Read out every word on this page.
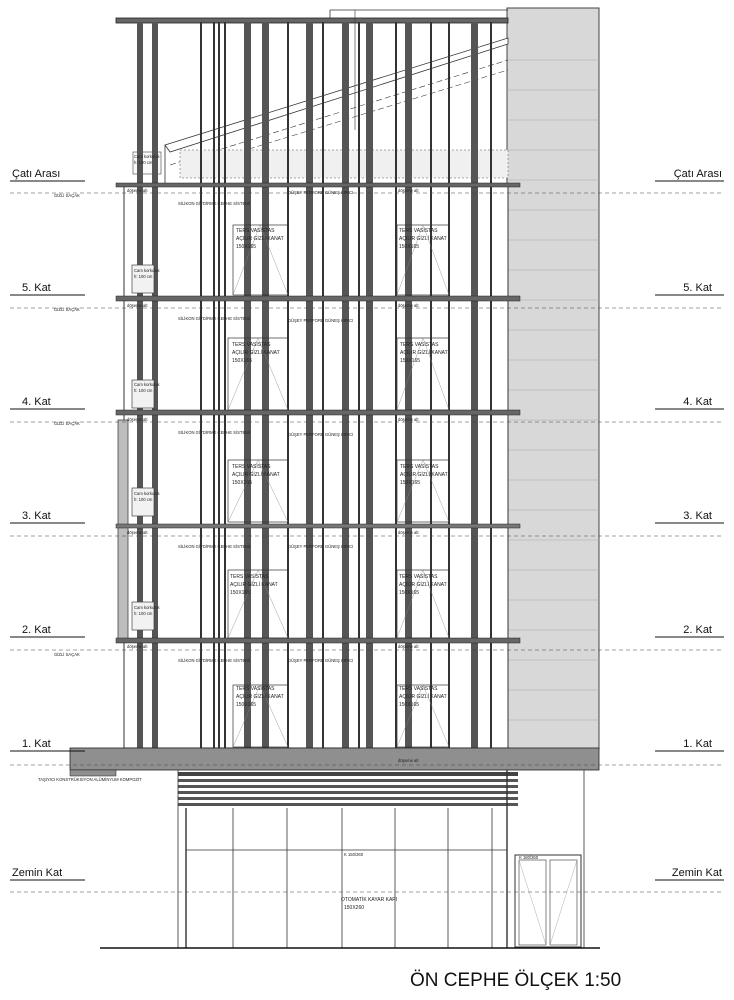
Çatı Arası
5. Kat
4. Kat
3. Kat
2. Kat
1. Kat
Zemin Kat
Çatı Arası
5. Kat
4. Kat
3. Kat
2. Kat
1. Kat
Zemin Kat
SİLİKON GİYDİRME CEPHE SİSTEMİ
DÜŞEY PERFORE GÜNEŞ KIRICI
TERS VASİSTAS
AÇILIR GİZLİ KANAT
150X165
TERS VASİSTAS
AÇILIR GİZLİ KANAT
150X165
döşeme alt
döşeme alt
GİZLİ SAÇAK
Cam korkuluk
h: 100 cm
SİLİKON GİYDİRME CEPHE SİSTEMİ	DÜŞEY PERFORE GÜNEŞ KIRICI
TERS VASİSTAS
AÇILIR GİZLİ KANAT
150X165
TERS VASİSTAS
AÇILIR GİZLİ KANAT
150X165
döşeme alt
döşeme alt
GİZLİ SAÇAK
Cam korkuluk
h: 100 cm
SİLİKON GİYDİRME CEPHE SİSTEMİ	DÜŞEY PERFORE GÜNEŞ KIRICI
TERS VASİSTAS
AÇILIR GİZLİ KANAT
150X165
TERS VASİSTAS
AÇILIR GİZLİ KANAT
150X165
döşeme alt
döşeme alt
GİZLİ SAÇAK
Cam korkuluk
h: 100 cm
SİLİKON GİYDİRME CEPHE SİSTEMİ	DÜŞEY PERFORE GÜNEŞ KIRICI
TERS VASİSTAS
AÇILIR GİZLİ KANAT
150X165
TERS VASİSTAS
AÇILIR GİZLİ KANAT
150X165
döşeme alt
döşeme alt
Cam korkuluk
h: 100 cm
SİLİKON GİYDİRME CEPHE SİSTEMİ	DÜŞEY PERFORE GÜNEŞ KIRICI
TERS VASİSTAS
AÇILIR GİZLİ KANAT
150X165
TERS VASİSTAS
AÇILIR GİZLİ KANAT
150X165
döşeme alt
döşeme alt
GİZLİ SAÇAK
Cam korkuluk
h: 100 cm
döşeme alt
TAŞIYICI KONSTRÜKSİYON ALÜMİNYUM KOMPOZİT
K 150/260
K 180/260
OTOMATİK KAYAR KAPI
150X260
ÖN CEPHE ÖLÇEK 1:50
